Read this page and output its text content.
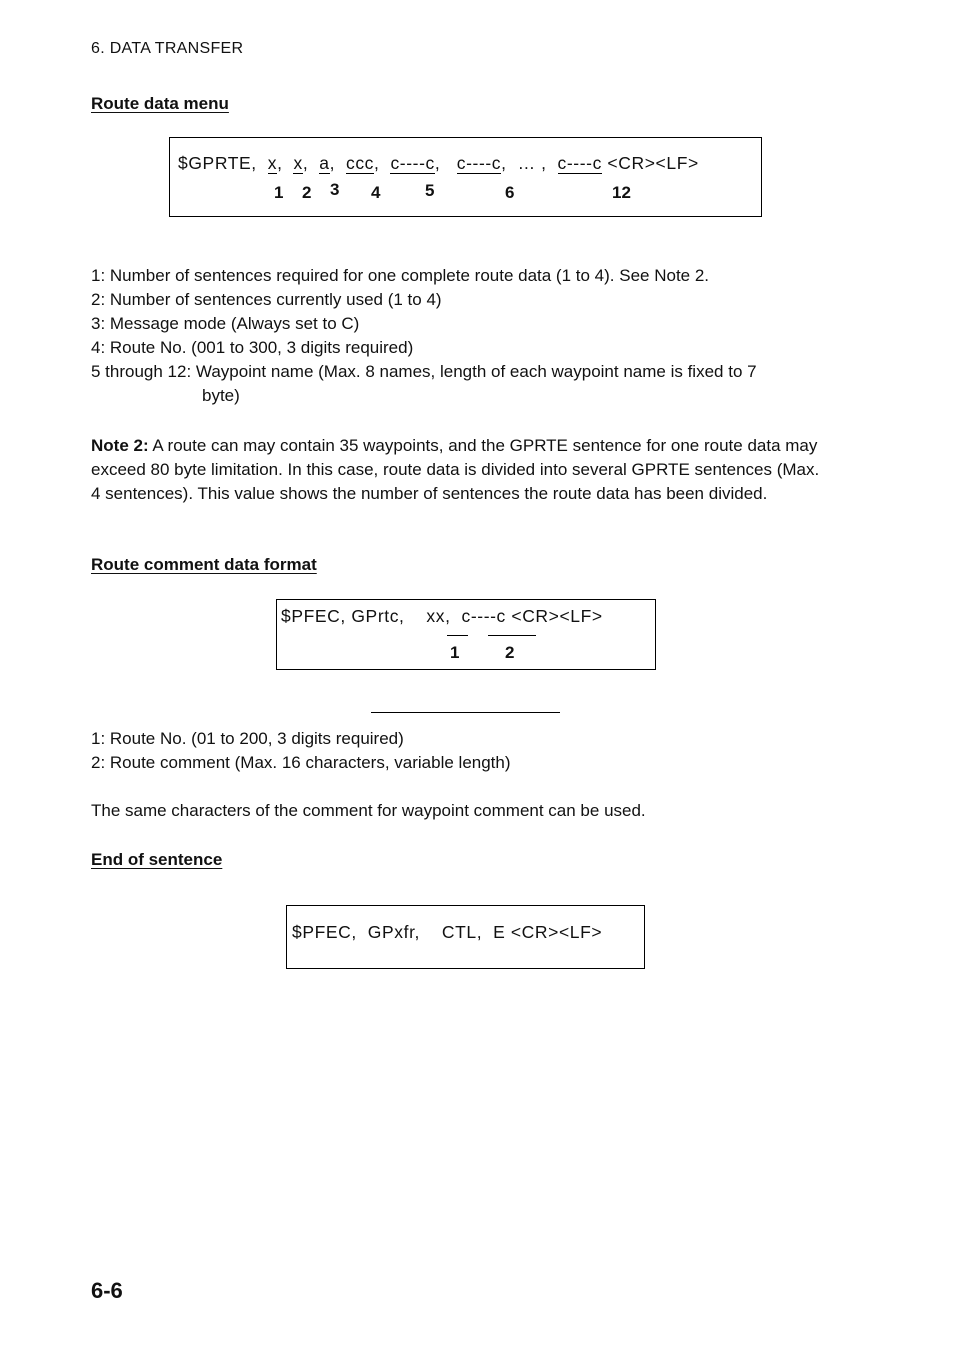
6. DATA TRANSFER
Route data menu
$GPRTE, x, x, a, ccc, c----c, c----c, … , c----c <CR><LF>
1 2 3 4	5	6	12
1: Number of sentences required for one complete route data (1 to 4). See Note 2.
2: Number of sentences currently used (1 to 4)
3: Message mode (Always set to C)
4: Route No. (001 to 300, 3 digits required)
5 through 12: Waypoint name (Max. 8 names, length of each waypoint name is fixed to 7
byte)
Note 2: A route can may contain 35 waypoints, and the GPRTE sentence for one route data may exceed 80 byte limitation. In this case, route data is divided into several GPRTE sentences (Max. 4 sentences). This value shows the number of sentences the route data has been divided.
Route comment data format
$PFEC, GPrtc, xx, c----c <CR><LF>
1	2
1: Route No. (01 to 200, 3 digits required)
2: Route comment (Max. 16 characters, variable length)
The same characters of the comment for waypoint comment can be used.
End of sentence
$PFEC,  GPxfr,    CTL,  E <CR><LF>
6-6
